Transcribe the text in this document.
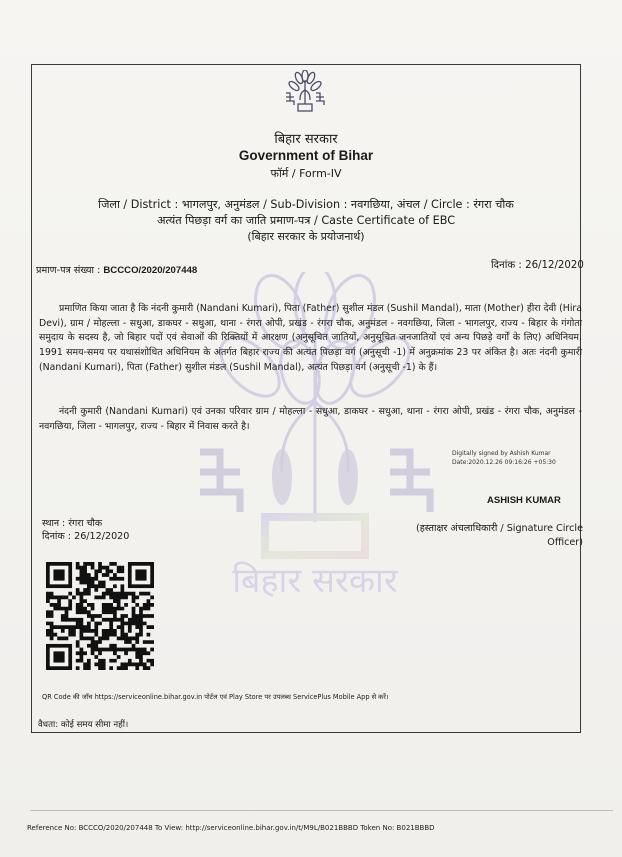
बिहार सरकार
बिहार सरकार
Government of Bihar
फॉर्म / Form-IV
जिला / District : भागलपुर, अनुमंडल / Sub-Division : नवगछिया, अंचल / Circle : रंगरा चौक
अत्यंत पिछड़ा वर्ग का जाति प्रमाण-पत्र / Caste Certificate of EBC
(बिहार सरकार के प्रयोजनार्थ)
प्रमाण-पत्र संख्या : BCCCO/2020/207448	दिनांक : 26/12/2020
प्रमाणित किया जाता है कि नंदनी कुमारी (Nandani Kumari), पिता (Father) सुशील मंडल (Sushil Mandal), माता (Mother) हीरा देवी (Hira Devi), ग्राम / मोहल्ला - सधुआ, डाकघर - सधुआ, थाना - रंगरा ओपी, प्रखंड - रंगरा चौक, अनुमंडल - नवगछिया, जिला - भागलपुर, राज्य - बिहार के गंगोता समुदाय के सदस्य है, जो बिहार पदों एवं सेवाओं की रिक्तियों में आरक्षण (अनुसूचित जातियों, अनुसूचित जनजातियों एवं अन्य पिछड़े वर्गों के लिए) अधिनियम, 1991 समय-समय पर यथासंशोधित अधिनियम के अंतर्गत बिहार राज्य की अत्यंत पिछड़ा वर्ग (अनुसूची -1) में अनुक्रमांक 23 पर अंकित है। अतः नंदनी कुमारी (Nandani Kumari), पिता (Father) सुशील मंडल (Sushil Mandal), अत्यंत पिछड़ा वर्ग (अनुसूची -1) के हैं।
नंदनी कुमारी (Nandani Kumari) एवं उनका परिवार ग्राम / मोहल्ला - सधुआ, डाकघर - सधुआ, थाना - रंगरा ओपी, प्रखंड - रंगरा चौक, अनुमंडल - नवगछिया, जिला - भागलपुर, राज्य - बिहार में निवास करते है।
Digitally signed by Ashish Kumar
Date:2020.12.26 09:16:26 +05:30
ASHISH KUMAR
(हस्ताक्षर अंचलाधिकारी / Signature Circle Officer)
स्थान : रंगरा चौक
दिनांक : 26/12/2020
QR Code की जाँच https://serviceonline.bihar.gov.in पोर्टल एवं Play Store पर उपलब्ध ServicePlus Mobile App से करें।
वैधता: कोई समय सीमा नहीं।
Reference No: BCCCO/2020/207448 To View: http://serviceonline.bihar.gov.in/t/M9L/B021BBBD Token No: B021BBBD
